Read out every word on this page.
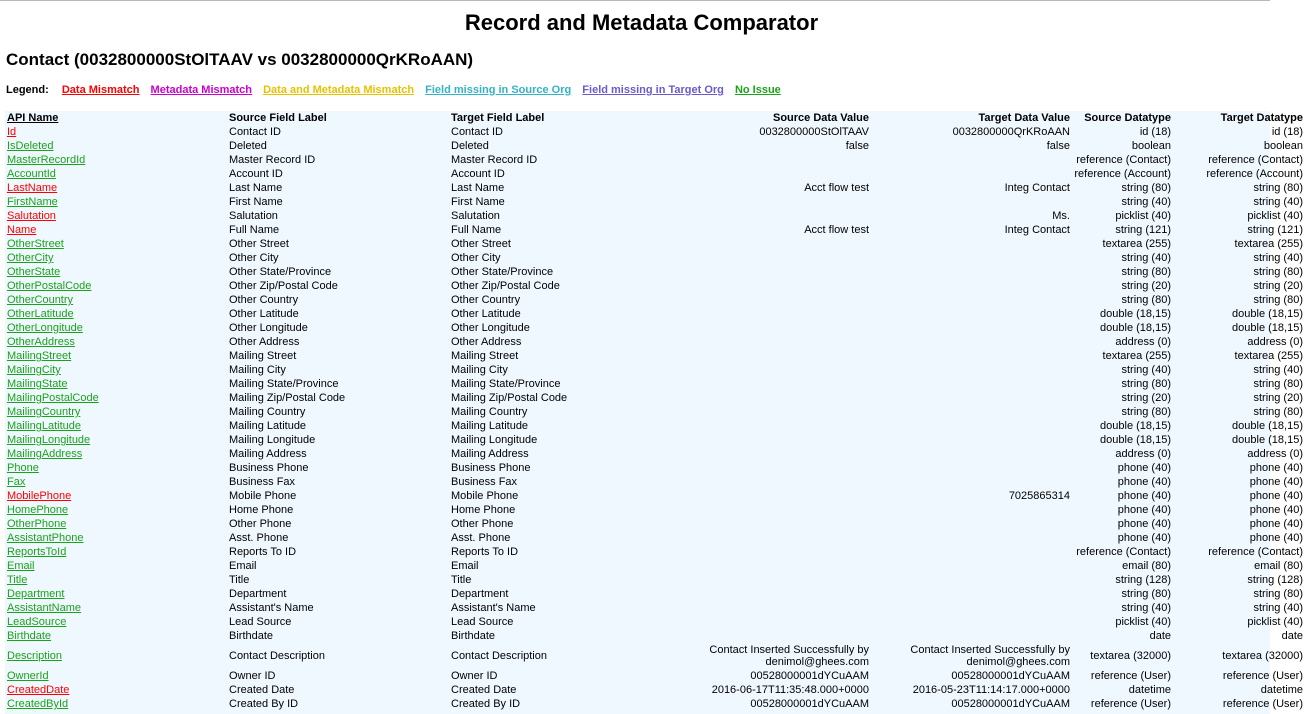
Record and Metadata Comparator
Contact (0032800000StOlTAAV vs 0032800000QrKRoAAN)
Legend: Data Mismatch Metadata Mismatch Data and Metadata Mismatch Field missing in Source Org Field missing in Target Org No Issue
API Name	Source Field Label	Target Field Label	Source Data Value	Target Data Value	Source Datatype	Target Datatype
Id	Contact ID	Contact ID	0032800000StOlTAAV	0032800000QrKRoAAN	id (18)	id (18)
IsDeleted	Deleted	Deleted	false	false	boolean	boolean
MasterRecordId	Master Record ID	Master Record ID			reference (Contact)	reference (Contact)
AccountId	Account ID	Account ID			reference (Account)	reference (Account)
LastName	Last Name	Last Name	Acct flow test	Integ Contact	string (80)	string (80)
FirstName	First Name	First Name			string (40)	string (40)
Salutation	Salutation	Salutation		Ms.	picklist (40)	picklist (40)
Name	Full Name	Full Name	Acct flow test	Integ Contact	string (121)	string (121)
OtherStreet	Other Street	Other Street			textarea (255)	textarea (255)
OtherCity	Other City	Other City			string (40)	string (40)
OtherState	Other State/Province	Other State/Province			string (80)	string (80)
OtherPostalCode	Other Zip/Postal Code	Other Zip/Postal Code			string (20)	string (20)
OtherCountry	Other Country	Other Country			string (80)	string (80)
OtherLatitude	Other Latitude	Other Latitude			double (18,15)	double (18,15)
OtherLongitude	Other Longitude	Other Longitude			double (18,15)	double (18,15)
OtherAddress	Other Address	Other Address			address (0)	address (0)
MailingStreet	Mailing Street	Mailing Street			textarea (255)	textarea (255)
MailingCity	Mailing City	Mailing City			string (40)	string (40)
MailingState	Mailing State/Province	Mailing State/Province			string (80)	string (80)
MailingPostalCode	Mailing Zip/Postal Code	Mailing Zip/Postal Code			string (20)	string (20)
MailingCountry	Mailing Country	Mailing Country			string (80)	string (80)
MailingLatitude	Mailing Latitude	Mailing Latitude			double (18,15)	double (18,15)
MailingLongitude	Mailing Longitude	Mailing Longitude			double (18,15)	double (18,15)
MailingAddress	Mailing Address	Mailing Address			address (0)	address (0)
Phone	Business Phone	Business Phone			phone (40)	phone (40)
Fax	Business Fax	Business Fax			phone (40)	phone (40)
MobilePhone	Mobile Phone	Mobile Phone		7025865314	phone (40)	phone (40)
HomePhone	Home Phone	Home Phone			phone (40)	phone (40)
OtherPhone	Other Phone	Other Phone			phone (40)	phone (40)
AssistantPhone	Asst. Phone	Asst. Phone			phone (40)	phone (40)
ReportsToId	Reports To ID	Reports To ID			reference (Contact)	reference (Contact)
Email	Email	Email			email (80)	email (80)
Title	Title	Title			string (128)	string (128)
Department	Department	Department			string (80)	string (80)
AssistantName	Assistant's Name	Assistant's Name			string (40)	string (40)
LeadSource	Lead Source	Lead Source			picklist (40)	picklist (40)
Birthdate	Birthdate	Birthdate			date	date
Description	Contact Description	Contact Description	Contact Inserted Successfully by denimol@ghees.com	Contact Inserted Successfully by denimol@ghees.com	textarea (32000)	textarea (32000)
OwnerId	Owner ID	Owner ID	00528000001dYCuAAM	00528000001dYCuAAM	reference (User)	reference (User)
CreatedDate	Created Date	Created Date	2016-06-17T11:35:48.000+0000	2016-05-23T11:14:17.000+0000	datetime	datetime
CreatedById	Created By ID	Created By ID	00528000001dYCuAAM	00528000001dYCuAAM	reference (User)	reference (User)
